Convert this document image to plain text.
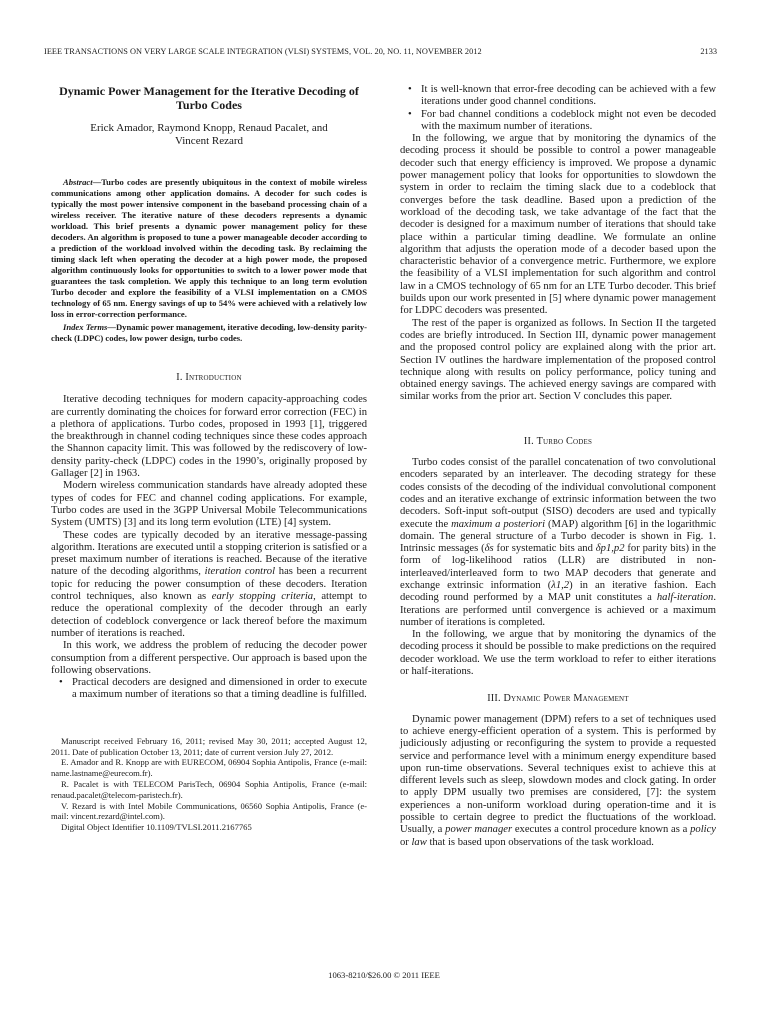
IEEE TRANSACTIONS ON VERY LARGE SCALE INTEGRATION (VLSI) SYSTEMS, VOL. 20, NO. 11, NOVEMBER 2012	2133

Dynamic Power Management for the Iterative Decoding of Turbo Codes

Erick Amador, Raymond Knopp, Renaud Pacalet, and Vincent Rezard

Abstract—Turbo codes are presently ubiquitous in the context of mobile wireless communications among other application domains. A decoder for such codes is typically the most power intensive component in the baseband processing chain of a wireless receiver. The iterative nature of these decoders represents a dynamic workload. This brief presents a dynamic power management policy for these decoders. An algorithm is proposed to tune a power manageable decoder according to a prediction of the workload involved within the decoding task. By reclaiming the timing slack left when operating the decoder at a high power mode, the proposed algorithm continuously looks for opportunities to switch to a lower power mode that guarantees the task completion. We apply this technique to an long term evolution Turbo decoder and explore the feasibility of a VLSI implementation on a CMOS technology of 65 nm. Energy savings of up to 54% were achieved with a relatively low loss in error-correction performance.

Index Terms—Dynamic power management, iterative decoding, low-density parity-check (LDPC) codes, low power design, turbo codes.

I. Introduction

Iterative decoding techniques for modern capacity-approaching codes are currently dominating the choices for forward error correction (FEC) in a plethora of applications. Turbo codes, proposed in 1993 [1], triggered the breakthrough in channel coding techniques since these codes approach the Shannon capacity limit. This was followed by the rediscovery of low-density parity-check (LDPC) codes in the 1990’s, originally proposed by Gallager [2] in 1963.

Modern wireless communication standards have already adopted these types of codes for FEC and channel coding applications. For example, Turbo codes are used in the 3GPP Universal Mobile Telecommunications System (UMTS) [3] and its long term evolution (LTE) [4] system.

These codes are typically decoded by an iterative message-passing algorithm. Iterations are executed until a stopping criterion is satisfied or a preset maximum number of iterations is reached. Because of the iterative nature of the decoding algorithms, iteration control has been a recurrent topic for reducing the power consumption of these decoders. Iteration control techniques, also known as early stopping criteria, attempt to reduce the operational complexity of the decoder through an early detection of codeblock convergence or lack thereof before the maximum number of iterations is reached.

In this work, we address the problem of reducing the decoder power consumption from a different perspective. Our approach is based upon the following observations.

• Practical decoders are designed and dimensioned in order to execute a maximum number of iterations so that a timing deadline is fulfilled.

Manuscript received February 16, 2011; revised May 30, 2011; accepted August 12, 2011. Date of publication October 13, 2011; date of current version July 27, 2012.

E. Amador and R. Knopp are with EURECOM, 06904 Sophia Antipolis, France (e-mail: name.lastname@eurecom.fr).

R. Pacalet is with TELECOM ParisTech, 06904 Sophia Antipolis, France (e-mail: renaud.pacalet@telecom-paristech.fr).

V. Rezard is with Intel Mobile Communications, 06560 Sophia Antipolis, France (e-mail: vincent.rezard@intel.com).

Digital Object Identifier 10.1109/TVLSI.2011.2167765

• It is well-known that error-free decoding can be achieved with a few iterations under good channel conditions.
• For bad channel conditions a codeblock might not even be decoded with the maximum number of iterations.

In the following, we argue that by monitoring the dynamics of the decoding process it should be possible to control a power manageable decoder such that energy efficiency is improved. We propose a dynamic power management policy that looks for opportunities to slowdown the system in order to reclaim the timing slack due to a codeblock that converges before the task deadline. Based upon a prediction of the workload of the decoding task, we take advantage of the fact that the decoder is designed for a maximum number of iterations that should take place within a particular timing deadline. We formulate an online algorithm that adjusts the operation mode of a decoder based upon the characteristic behavior of a convergence metric. Furthermore, we explore the feasibility of a VLSI implementation for such algorithm and control law in a CMOS technology of 65 nm for an LTE Turbo decoder. This brief builds upon our work presented in [5] where dynamic power management for LDPC decoders was presented.

The rest of the paper is organized as follows. In Section II the targeted codes are briefly introduced. In Section III, dynamic power management and the proposed control policy are explained along with the prior art. Section IV outlines the hardware implementation of the proposed control technique along with results on policy performance, policy tuning and obtained energy savings. The achieved energy savings are compared with similar works from the prior art. Section V concludes this paper.

II. Turbo Codes

Turbo codes consist of the parallel concatenation of two convolutional encoders separated by an interleaver. The decoding strategy for these codes consists of the decoding of the individual convolutional component codes and an iterative exchange of extrinsic information between the two decoders. Soft-input soft-output (SISO) decoders are used and typically execute the maximum a posteriori (MAP) algorithm [6] in the logarithmic domain. The general structure of a Turbo decoder is shown in Fig. 1. Intrinsic messages (δs for systematic bits and δp1,p2 for parity bits) in the form of log-likelihood ratios (LLR) are distributed in non-interleaved/interleaved form to two MAP decoders that generate and exchange extrinsic information (λ1,2) in an iterative fashion. Each decoding round performed by a MAP unit constitutes a half-iteration. Iterations are performed until convergence is achieved or a maximum number of iterations is completed.

In the following, we argue that by monitoring the dynamics of the decoding process it should be possible to make predictions on the required decoder workload. We use the term workload to refer to either iterations or half-iterations.

III. Dynamic Power Management

Dynamic power management (DPM) refers to a set of techniques used to achieve energy-efficient operation of a system. This is performed by judiciously adjusting or reconfiguring the system to provide a requested service and performance level with a minimum energy expenditure based upon run-time observations. Several techniques exist to achieve this at different levels such as sleep, slowdown modes and clock gating. In order to apply DPM usually two premises are considered, [7]: the system experiences a non-uniform workload during operation-time and it is possible to certain degree to predict the fluctuations of the workload. Usually, a power manager executes a control procedure known as a policy or law that is based upon observations of the task workload.

1063-8210/$26.00 © 2011 IEEE
